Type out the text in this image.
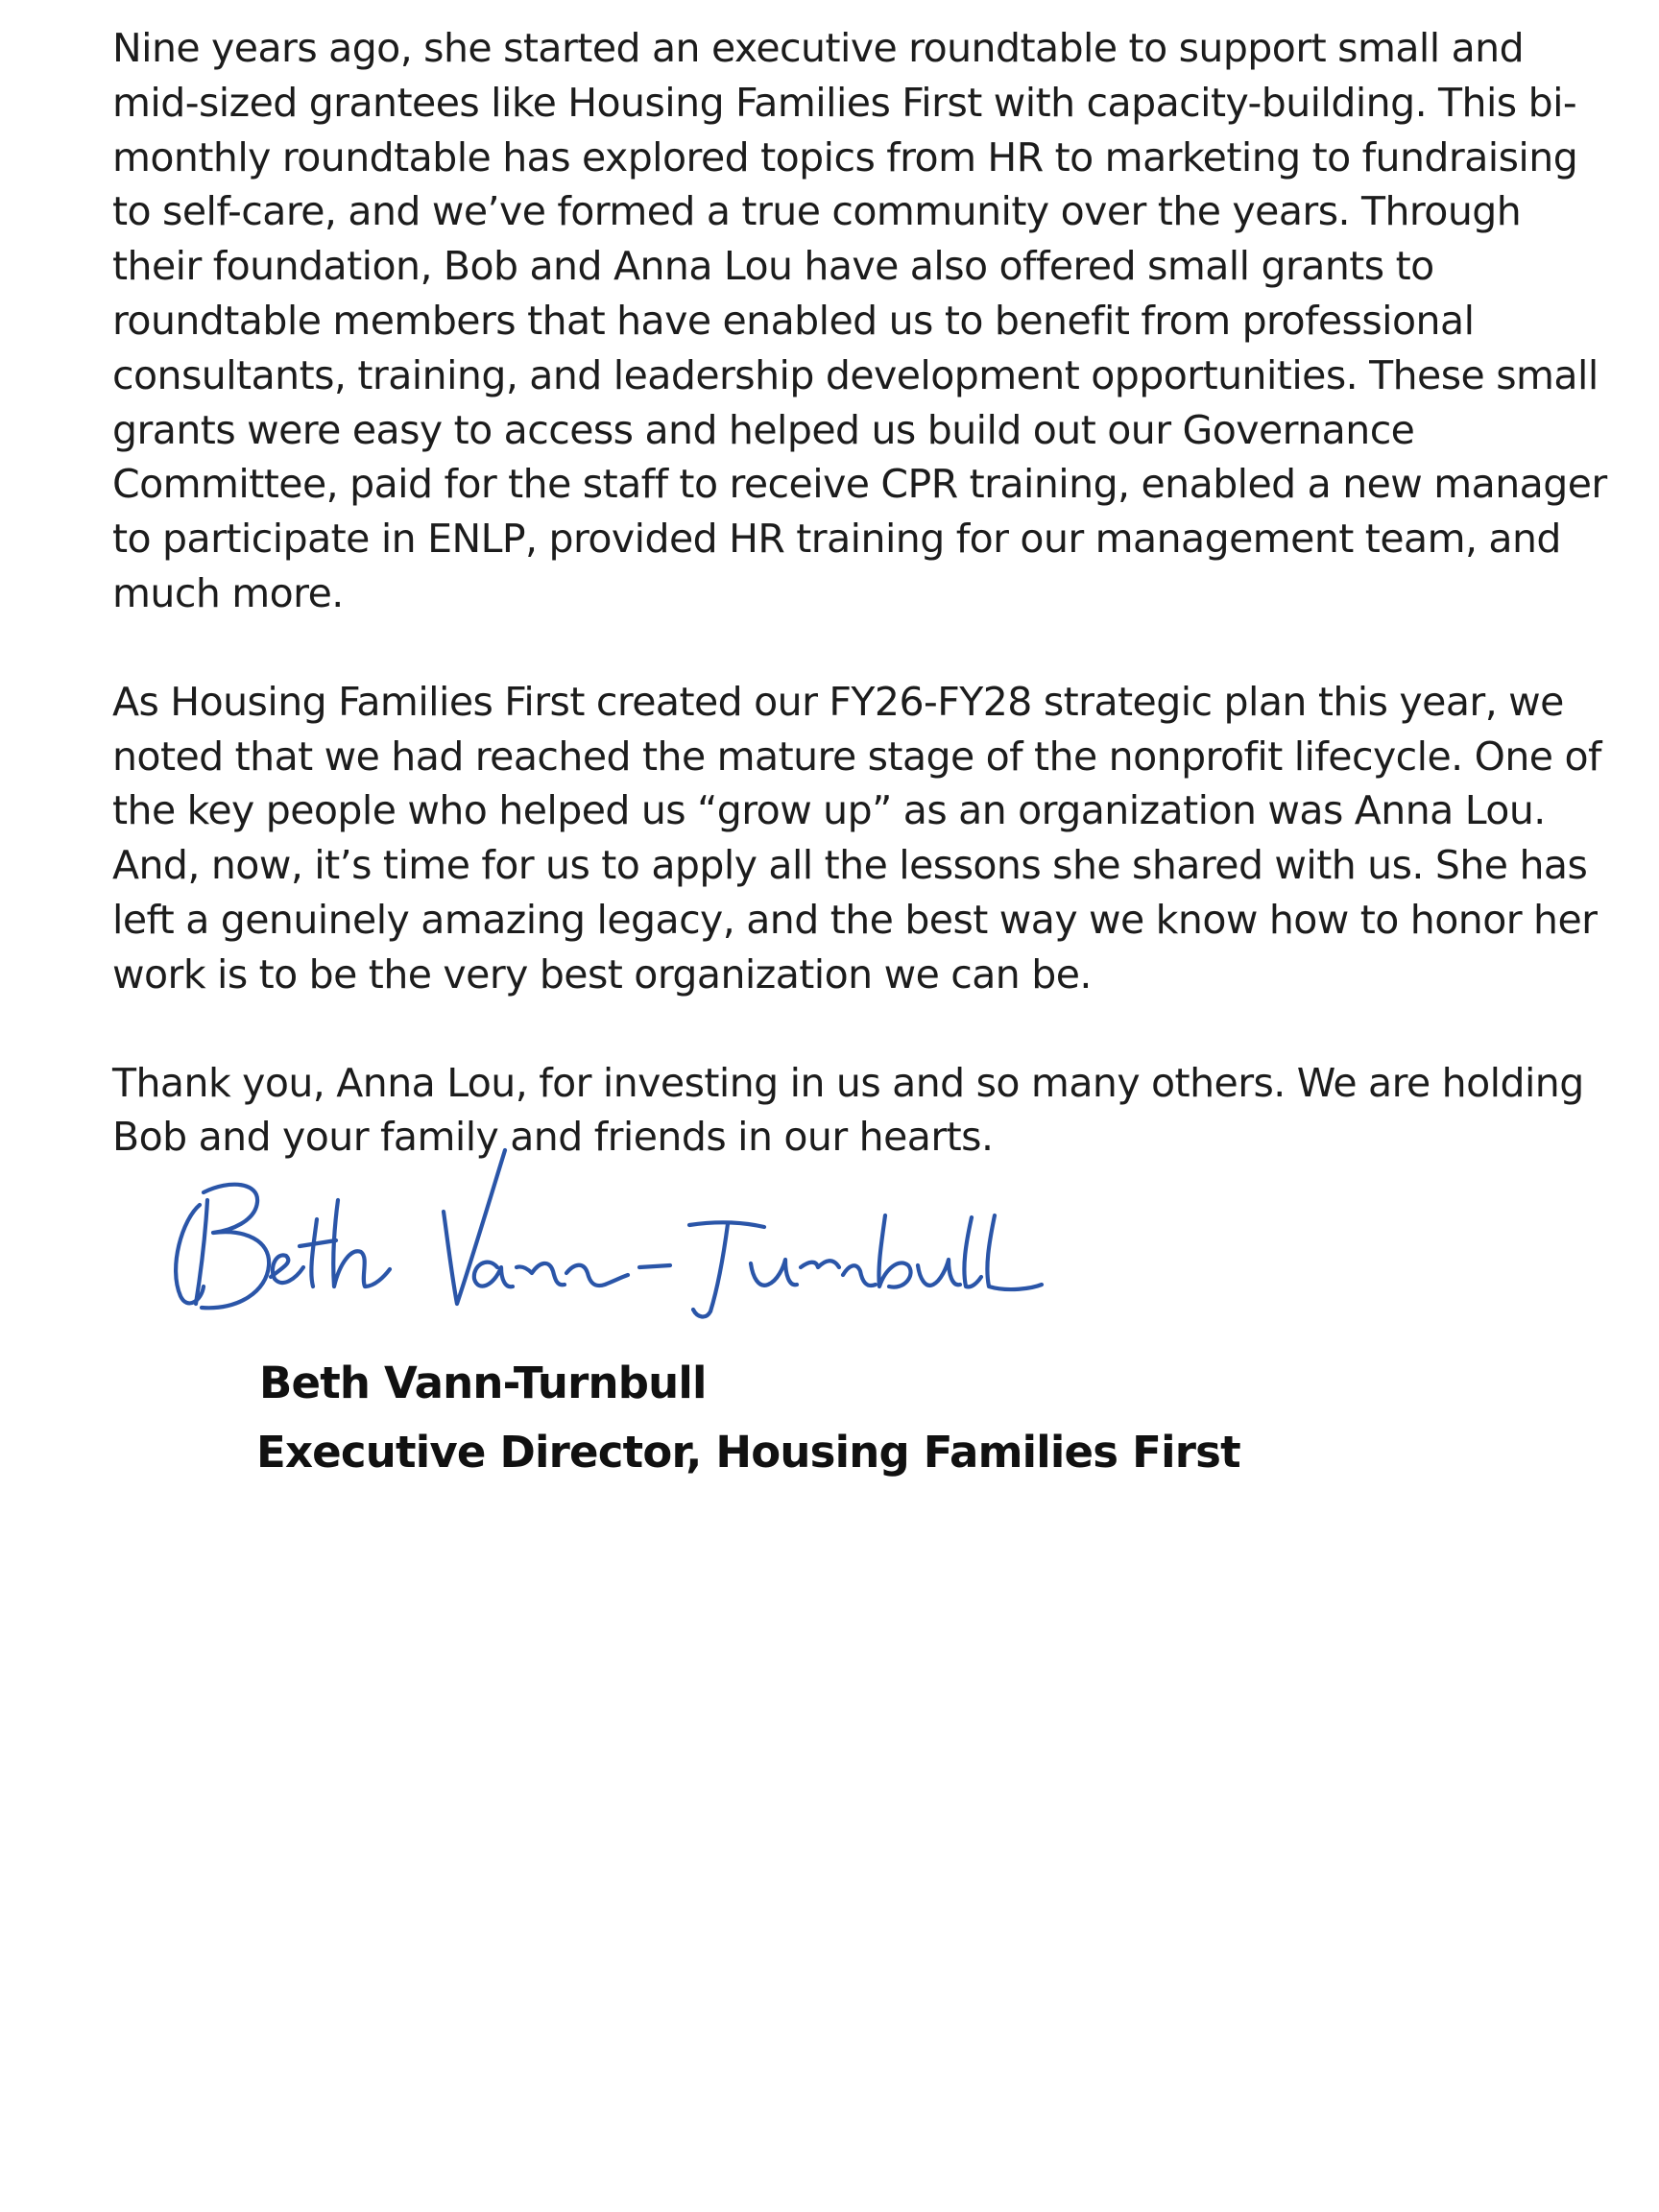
Nine years ago, she started an executive roundtable to support small and mid-sized grantees like Housing Families First with capacity-building. This bi-monthly roundtable has explored topics from HR to marketing to fundraising to self-care, and we’ve formed a true community over the years. Through their foundation, Bob and Anna Lou have also offered small grants to roundtable members that have enabled us to benefit from professional consultants, training, and leadership development opportunities. These small grants were easy to access and helped us build out our Governance Committee, paid for the staff to receive CPR training, enabled a new manager to participate in ENLP, provided HR training for our management team, and much more.

As Housing Families First created our FY26-FY28 strategic plan this year, we noted that we had reached the mature stage of the nonprofit lifecycle. One of the key people who helped us “grow up” as an organization was Anna Lou. And, now, it’s time for us to apply all the lessons she shared with us. She has left a genuinely amazing legacy, and the best way we know how to honor her work is to be the very best organization we can be.

Thank you, Anna Lou, for investing in us and so many others. We are holding Bob and your family and friends in our hearts.

Beth Vann-Turnbull

Executive Director, Housing Families First
